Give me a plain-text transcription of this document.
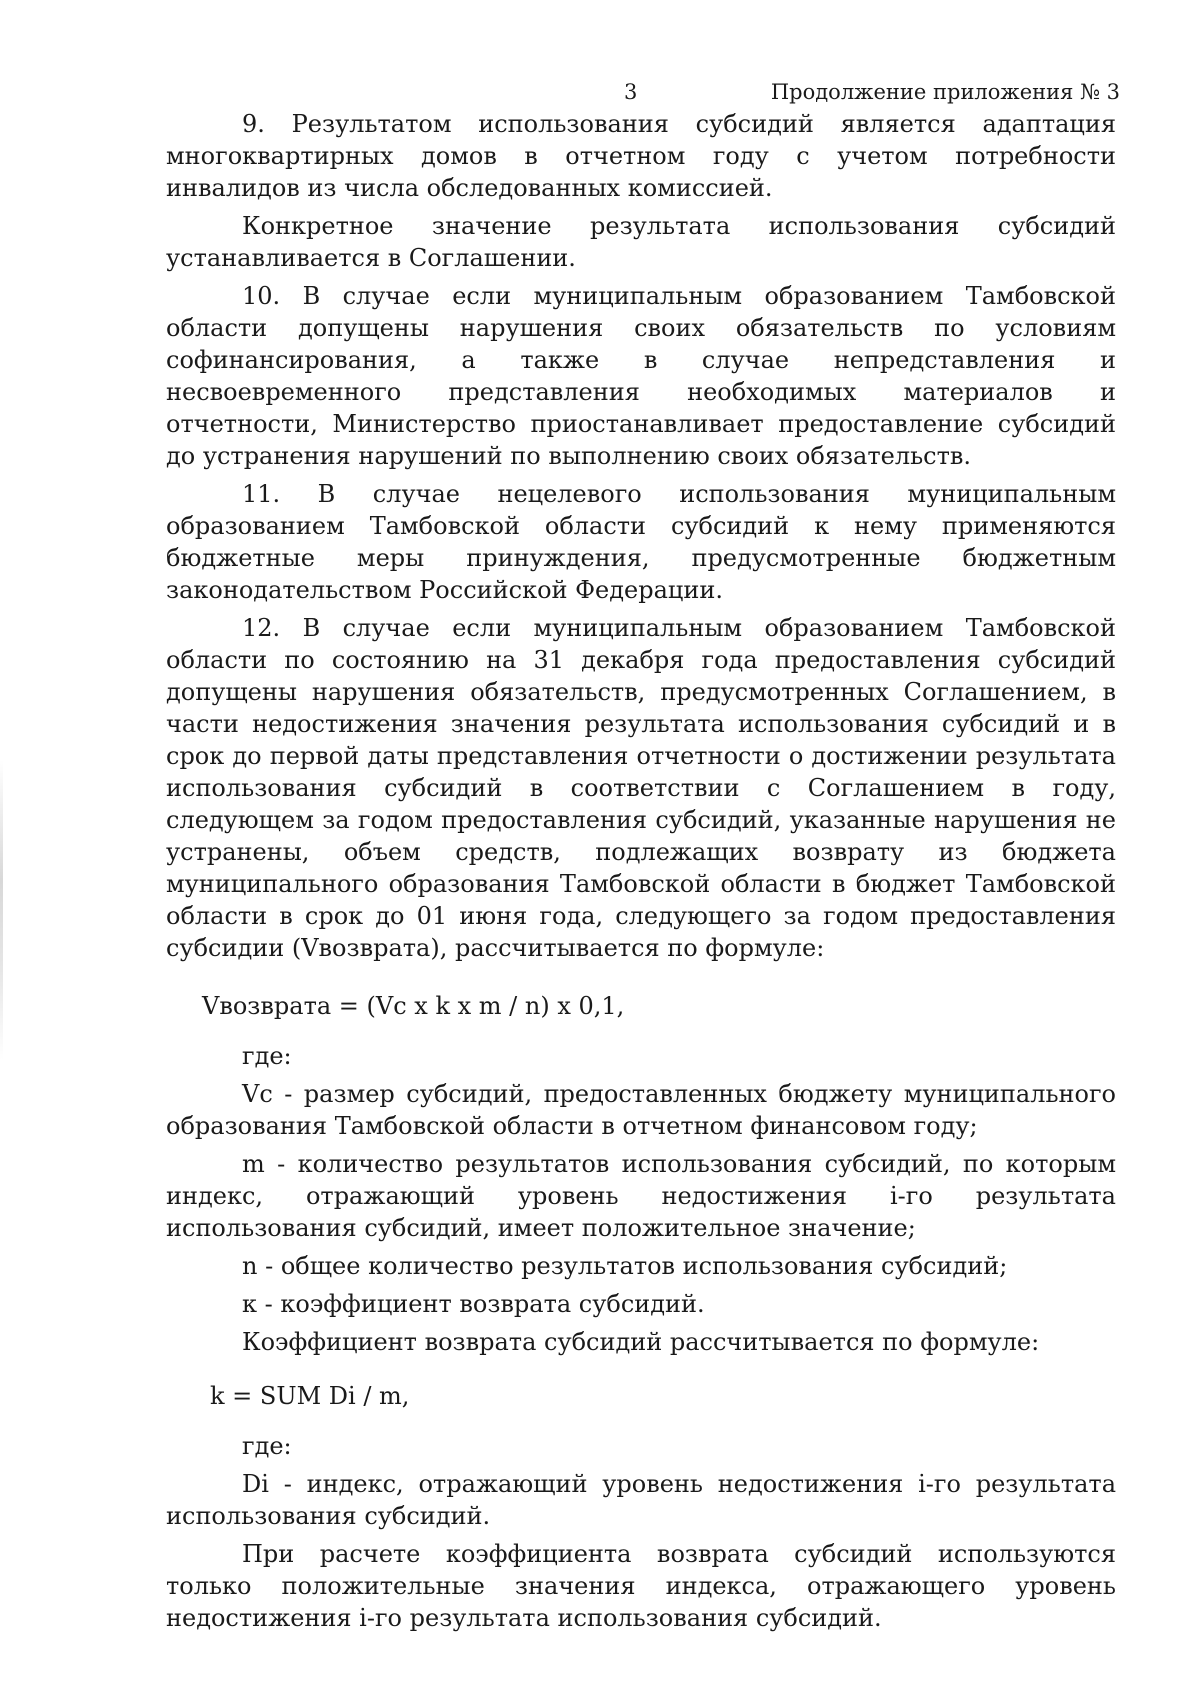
3	Продолжение приложения № 3

9. Результатом использования субсидий является адаптация многоквартирных домов в отчетном году с учетом потребности инвалидов из числа обследованных комиссией.

Конкретное значение результата использования субсидий устанавливается в Соглашении.

10. В случае если муниципальным образованием Тамбовской области допущены нарушения своих обязательств по условиям софинансирования, а также в случае непредставления и несвоевременного представления необходимых материалов и отчетности, Министерство приостанавливает предоставление субсидий до устранения нарушений по выполнению своих обязательств.

11. В случае нецелевого использования муниципальным образованием Тамбовской области субсидий к нему применяются бюджетные меры принуждения, предусмотренные бюджетным законодательством Российской Федерации.

12. В случае если муниципальным образованием Тамбовской области по состоянию на 31 декабря года предоставления субсидий допущены нарушения обязательств, предусмотренных Соглашением, в части недостижения значения результата использования субсидий и в срок до первой даты представления отчетности о достижении результата использования субсидий в соответствии с Соглашением в году, следующем за годом предоставления субсидий, указанные нарушения не устранены, объем средств, подлежащих возврату из бюджета муниципального образования Тамбовской области в бюджет Тамбовской области в срок до 01 июня года, следующего за годом предоставления субсидии (Vвозврата), рассчитывается по формуле:

Vвозврата = (Vc x k x m / n) x 0,1,

где:

Vc - размер субсидий, предоставленных бюджету муниципального образования Тамбовской области в отчетном финансовом году;

m - количество результатов использования субсидий, по которым индекс, отражающий уровень недостижения i-го результата использования субсидий, имеет положительное значение;

n - общее количество результатов использования субсидий;

к - коэффициент возврата субсидий.

Коэффициент возврата субсидий рассчитывается по формуле:

k = SUM Di / m,

где:

Di - индекс, отражающий уровень недостижения i-го результата использования субсидий.

При расчете коэффициента возврата субсидий используются только положительные значения индекса, отражающего уровень недостижения i-го результата использования субсидий.
